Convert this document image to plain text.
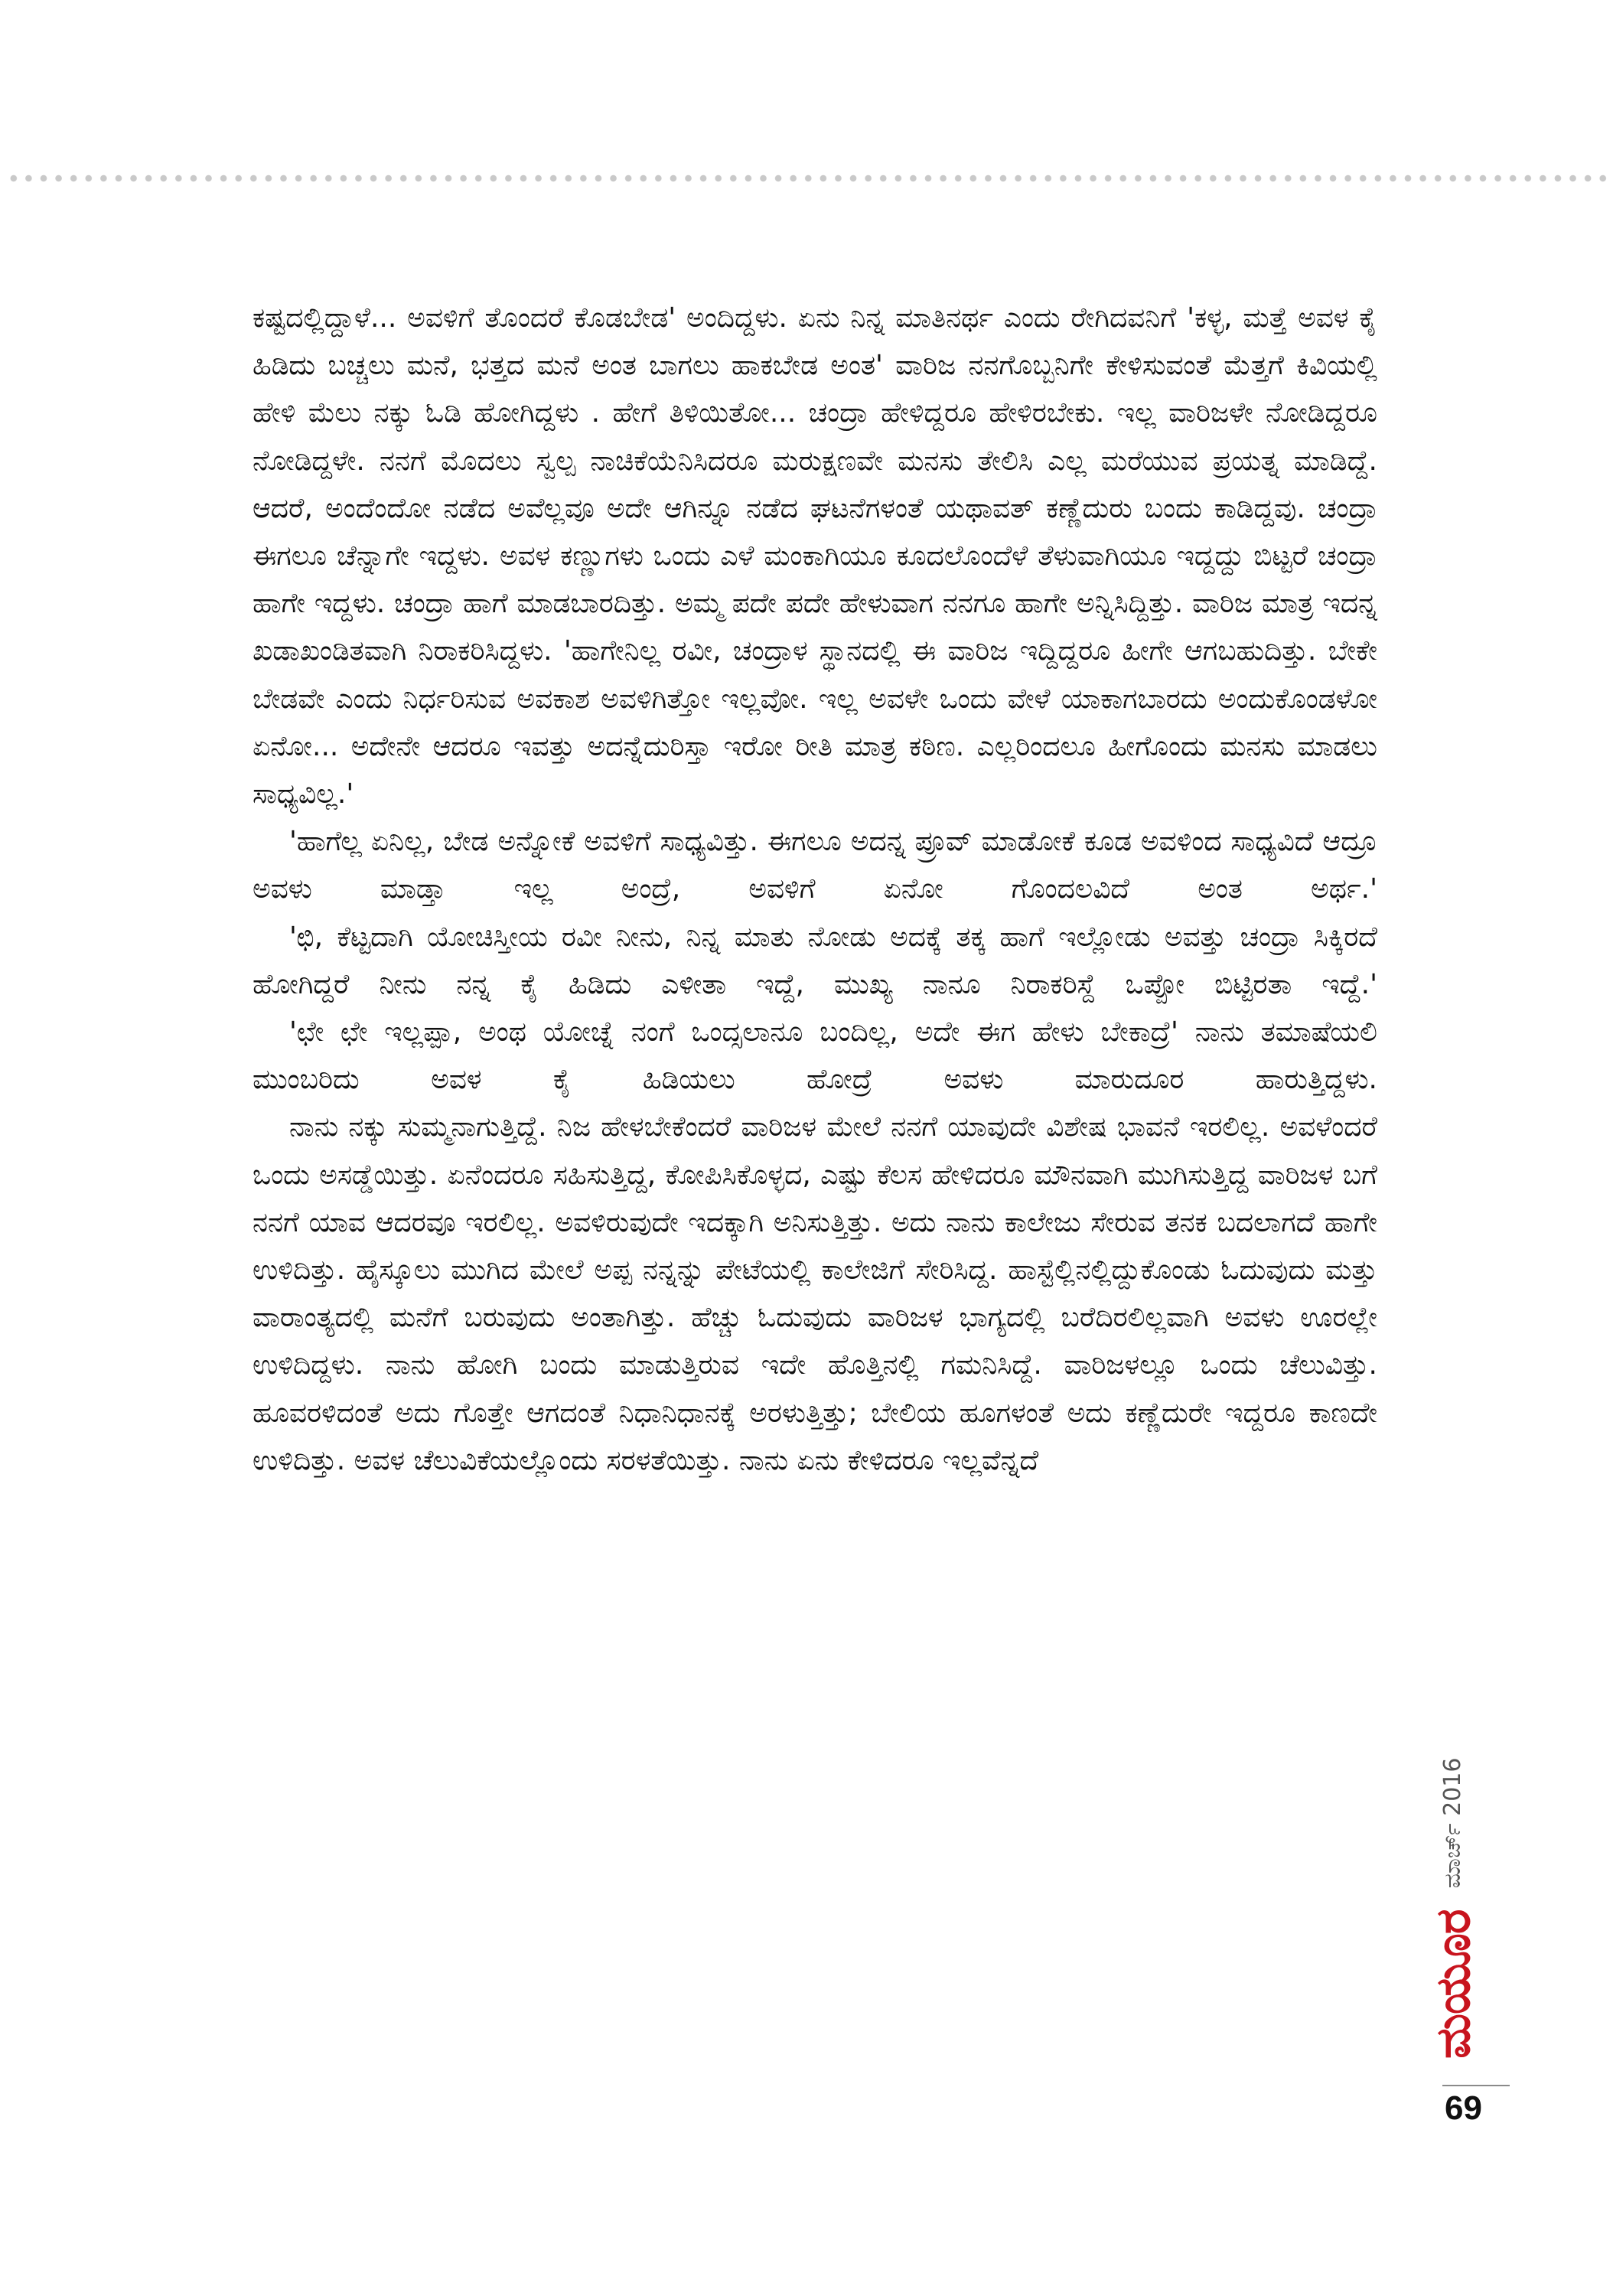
ಕಷ್ಟದಲ್ಲಿದ್ದಾಳೆ... ಅವಳಿಗೆ ತೊಂದರೆ ಕೊಡಬೇಡ' ಅಂದಿದ್ದಳು. ಏನು ನಿನ್ನ ಮಾತಿನರ್ಥ ಎಂದು ರೇಗಿದವನಿಗೆ 'ಕಳ್ಳ, ಮತ್ತೆ ಅವಳ ಕೈ ಹಿಡಿದು ಬಚ್ಚಲು ಮನೆ, ಭತ್ತದ ಮನೆ ಅಂತ ಬಾಗಲು ಹಾಕಬೇಡ ಅಂತ' ವಾರಿಜ ನನಗೊಬ್ಬನಿಗೇ ಕೇಳಿಸುವಂತೆ ಮೆತ್ತಗೆ ಕಿವಿಯಲ್ಲಿ ಹೇಳಿ ಮೆಲು ನಕ್ಕು ಓಡಿ ಹೋಗಿದ್ದಳು . ಹೇಗೆ ತಿಳಿಯಿತೋ... ಚಂದ್ರಾ ಹೇಳಿದ್ದರೂ ಹೇಳಿರಬೇಕು. ಇಲ್ಲ ವಾರಿಜಳೇ ನೋಡಿದ್ದರೂ ನೋಡಿದ್ದಳೇ. ನನಗೆ ಮೊದಲು ಸ್ವಲ್ಪ ನಾಚಿಕೆಯೆನಿಸಿದರೂ ಮರುಕ್ಷಣವೇ ಮನಸು ತೇಲಿಸಿ ಎಲ್ಲ ಮರೆಯುವ ಪ್ರಯತ್ನ ಮಾಡಿದ್ದೆ. ಆದರೆ, ಅಂದೆಂದೋ ನಡೆದ ಅವೆಲ್ಲವೂ ಅದೇ ಆಗಿನ್ನೂ ನಡೆದ ಘಟನೆಗಳಂತೆ ಯಥಾವತ್ ಕಣ್ಣೆದುರು ಬಂದು ಕಾಡಿದ್ದವು. ಚಂದ್ರಾ ಈಗಲೂ ಚೆನ್ನಾಗೇ ಇದ್ದಳು. ಅವಳ ಕಣ್ಣುಗಳು ಒಂದು ಎಳೆ ಮಂಕಾಗಿಯೂ ಕೂದಲೊಂದೆಳೆ ತೆಳುವಾಗಿಯೂ ಇದ್ದದ್ದು ಬಿಟ್ಟರೆ ಚಂದ್ರಾ ಹಾಗೇ ಇದ್ದಳು. ಚಂದ್ರಾ ಹಾಗೆ ಮಾಡಬಾರದಿತ್ತು. ಅಮ್ಮ ಪದೇ ಪದೇ ಹೇಳುವಾಗ ನನಗೂ ಹಾಗೇ ಅನ್ನಿಸಿದ್ದಿತ್ತು. ವಾರಿಜ ಮಾತ್ರ ಇದನ್ನ ಖಡಾಖಂಡಿತವಾಗಿ ನಿರಾಕರಿಸಿದ್ದಳು. 'ಹಾಗೇನಿಲ್ಲ ರವೀ, ಚಂದ್ರಾಳ ಸ್ಥಾನದಲ್ಲಿ ಈ ವಾರಿಜ ಇದ್ದಿದ್ದರೂ ಹೀಗೇ ಆಗಬಹುದಿತ್ತು. ಬೇಕೇ ಬೇಡವೇ ಎಂದು ನಿರ್ಧರಿಸುವ ಅವಕಾಶ ಅವಳಿಗಿತ್ತೋ ಇಲ್ಲವೋ. ಇಲ್ಲ ಅವಳೇ ಒಂದು ವೇಳೆ ಯಾಕಾಗಬಾರದು ಅಂದುಕೊಂಡಳೋ ಏನೋ... ಅದೇನೇ ಆದರೂ ಇವತ್ತು ಅದನ್ನೆದುರಿಸ್ತಾ ಇರೋ ರೀತಿ ಮಾತ್ರ ಕಠಿಣ. ಎಲ್ಲರಿಂದಲೂ ಹೀಗೊಂದು ಮನಸು ಮಾಡಲು ಸಾಧ್ಯವಿಲ್ಲ.'

'ಹಾಗೆಲ್ಲ ಏನಿಲ್ಲ, ಬೇಡ ಅನ್ನೋಕೆ ಅವಳಿಗೆ ಸಾಧ್ಯವಿತ್ತು. ಈಗಲೂ ಅದನ್ನ ಪ್ರೂವ್ ಮಾಡೋಕೆ ಕೂಡ ಅವಳಿಂದ ಸಾಧ್ಯವಿದೆ ಆದ್ರೂ ಅವಳು ಮಾಡ್ತಾ ಇಲ್ಲ ಅಂದ್ರೆ, ಅವಳಿಗೆ ಏನೋ ಗೊಂದಲವಿದೆ ಅಂತ ಅರ್ಥ.'

'ಛಿ, ಕೆಟ್ಟದಾಗಿ ಯೋಚಿಸ್ತೀಯ ರವೀ ನೀನು, ನಿನ್ನ ಮಾತು ನೋಡು ಅದಕ್ಕೆ ತಕ್ಕ ಹಾಗೆ ಇಲ್ಲೋಡು ಅವತ್ತು ಚಂದ್ರಾ ಸಿಕ್ಕಿರದೆ ಹೋಗಿದ್ದರೆ ನೀನು ನನ್ನ ಕೈ ಹಿಡಿದು ಎಳೀತಾ ಇದ್ದೆ, ಮುಖ್ಯ ನಾನೂ ನಿರಾಕರಿಸ್ದೆ ಒಪ್ಪೋ ಬಿಟ್ಟಿರತಾ ಇದ್ದೆ.'

'ಛೇ ಛೇ ಇಲ್ಲಪ್ಪಾ, ಅಂಥ ಯೋಚ್ನೆ ನಂಗೆ ಒಂದ್ಸಲಾನೂ ಬಂದಿಲ್ಲ, ಅದೇ ಈಗ ಹೇಳು ಬೇಕಾದ್ರೆ' ನಾನು ತಮಾಷೆಯಲಿ ಮುಂಬರಿದು ಅವಳ ಕೈ ಹಿಡಿಯಲು ಹೋದ್ರೆ ಅವಳು ಮಾರುದೂರ ಹಾರುತ್ತಿದ್ದಳು.

ನಾನು ನಕ್ಕು ಸುಮ್ಮನಾಗುತ್ತಿದ್ದೆ. ನಿಜ ಹೇಳಬೇಕೆಂದರೆ ವಾರಿಜಳ ಮೇಲೆ ನನಗೆ ಯಾವುದೇ ವಿಶೇಷ ಭಾವನೆ ಇರಲಿಲ್ಲ. ಅವಳೆಂದರೆ ಒಂದು ಅಸಡ್ಡೆಯಿತ್ತು. ಏನೆಂದರೂ ಸಹಿಸುತ್ತಿದ್ದ, ಕೋಪಿಸಿಕೊಳ್ಳದ, ಎಷ್ಟು ಕೆಲಸ ಹೇಳಿದರೂ ಮೌನವಾಗಿ ಮುಗಿಸುತ್ತಿದ್ದ ವಾರಿಜಳ ಬಗೆ ನನಗೆ ಯಾವ ಆದರವೂ ಇರಲಿಲ್ಲ. ಅವಳಿರುವುದೇ ಇದಕ್ಕಾಗಿ ಅನಿಸುತ್ತಿತ್ತು. ಅದು ನಾನು ಕಾಲೇಜು ಸೇರುವ ತನಕ ಬದಲಾಗದೆ ಹಾಗೇ ಉಳಿದಿತ್ತು. ಹೈಸ್ಕೂಲು ಮುಗಿದ ಮೇಲೆ ಅಪ್ಪ ನನ್ನನ್ನು ಪೇಟೆಯಲ್ಲಿ ಕಾಲೇಜಿಗೆ ಸೇರಿಸಿದ್ದ. ಹಾಸ್ಟೆಲ್ಲಿನಲ್ಲಿದ್ದುಕೊಂಡು ಓದುವುದು ಮತ್ತು ವಾರಾಂತ್ಯದಲ್ಲಿ ಮನೆಗೆ ಬರುವುದು ಅಂತಾಗಿತ್ತು. ಹೆಚ್ಚು ಓದುವುದು ವಾರಿಜಳ ಭಾಗ್ಯದಲ್ಲಿ ಬರೆದಿರಲಿಲ್ಲವಾಗಿ ಅವಳು ಊರಲ್ಲೇ ಉಳಿದಿದ್ದಳು. ನಾನು ಹೋಗಿ ಬಂದು ಮಾಡುತ್ತಿರುವ ಇದೇ ಹೊತ್ತಿನಲ್ಲಿ ಗಮನಿಸಿದ್ದೆ. ವಾರಿಜಳಲ್ಲೂ ಒಂದು ಚೆಲುವಿತ್ತು. ಹೂವರಳಿದಂತೆ ಅದು ಗೊತ್ತೇ ಆಗದಂತೆ ನಿಧಾನಿಧಾನಕ್ಕೆ ಅರಳುತ್ತಿತ್ತು; ಬೇಲಿಯ ಹೂಗಳಂತೆ ಅದು ಕಣ್ಣೆದುರೇ ಇದ್ದರೂ ಕಾಣದೇ ಉಳಿದಿತ್ತು. ಅವಳ ಚೆಲುವಿಕೆಯಲ್ಲೊಂದು ಸರಳತೆಯಿತ್ತು. ನಾನು ಏನು ಕೇಳಿದರೂ ಇಲ್ಲವೆನ್ನದೆ

ಮಯೂರ
ಮಾರ್ಚ್ 2016
69
